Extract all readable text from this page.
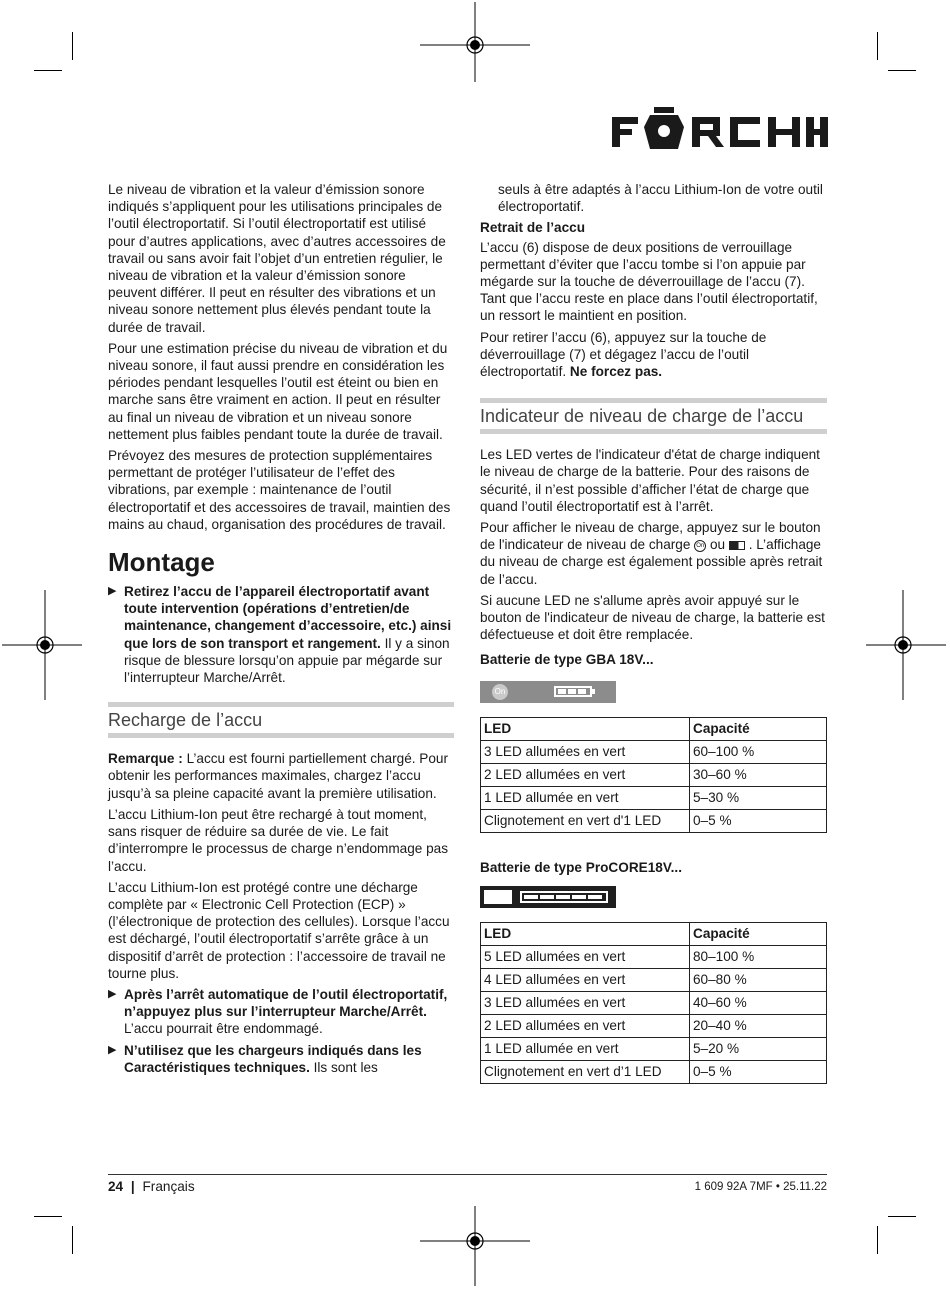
Le niveau de vibration et la valeur d’émission sonore indiqués s’appliquent pour les utilisations principales de l’outil électroportatif. Si l’outil électroportatif est utilisé pour d’autres applications, avec d’autres accessoires de travail ou sans avoir fait l’objet d’un entretien régulier, le niveau de vibration et la valeur d’émission sonore peuvent différer. Il peut en résulter des vibrations et un niveau sonore nettement plus élevés pendant toute la durée de travail.

Pour une estimation précise du niveau de vibration et du niveau sonore, il faut aussi prendre en considération les périodes pendant lesquelles l’outil est éteint ou bien en marche sans être vraiment en action. Il peut en résulter au final un niveau de vibration et un niveau sonore nettement plus faibles pendant toute la durée de travail.

Prévoyez des mesures de protection supplémentaires permettant de protéger l’utilisateur de l’effet des vibrations, par exemple : maintenance de l’outil électroportatif et des accessoires de travail, maintien des mains au chaud, organisation des procédures de travail.

Montage
▶ Retirez l’accu de l’appareil électroportatif avant toute intervention (opérations d’entretien/de maintenance, changement d’accessoire, etc.) ainsi que lors de son transport et rangement. Il y a sinon risque de blessure lorsqu’on appuie par mégarde sur l’interrupteur Marche/Arrêt.
Recharge de l’accu

Remarque : L’accu est fourni partiellement chargé. Pour obtenir les performances maximales, chargez l’accu jusqu’à sa pleine capacité avant la première utilisation.

L’accu Lithium-Ion peut être rechargé à tout moment, sans risquer de réduire sa durée de vie. Le fait d’interrompre le processus de charge n’endommage pas l’accu.

L’accu Lithium-Ion est protégé contre une décharge complète par « Electronic Cell Protection (ECP) » (l’électronique de protection des cellules). Lorsque l’accu est déchargé, l’outil électroportatif s’arrête grâce à un dispositif d’arrêt de protection : l’accessoire de travail ne tourne plus.

▶ Après l’arrêt automatique de l’outil électroportatif, n’appuyez plus sur l’interrupteur Marche/Arrêt. L’accu pourrait être endommagé.
▶ N’utilisez que les chargeurs indiqués dans les Caractéristiques techniques. Ils sont les

seuls à être adaptés à l’accu Lithium-Ion de votre outil électroportatif.

Retrait de l’accu

L’accu (6) dispose de deux positions de verrouillage permettant d’éviter que l’accu tombe si l’on appuie par mégarde sur la touche de déverrouillage de l’accu (7). Tant que l’accu reste en place dans l’outil électroportatif, un ressort le maintient en position.

Pour retirer l’accu (6), appuyez sur la touche de déverrouillage (7) et dégagez l’accu de l’outil électroportatif. Ne forcez pas.

Indicateur de niveau de charge de l’accu

Les LED vertes de l'indicateur d'état de charge indiquent le niveau de charge de la batterie. Pour des raisons de sécurité, il n’est possible d’afficher l’état de charge que quand l’outil électroportatif est à l’arrêt.

Pour afficher le niveau de charge, appuyez sur le bouton de l'indicateur de niveau de charge On ou . L’affichage du niveau de charge est également possible après retrait de l’accu.

Si aucune LED ne s'allume après avoir appuyé sur le bouton de l'indicateur de niveau de charge, la batterie est défectueuse et doit être remplacée.

Batterie de type GBA 18V...
On
LED	Capacité
3 LED allumées en vert	60–100 %
2 LED allumées en vert	30–60 %
1 LED allumée en vert	5–30 %
Clignotement en vert d'1 LED	0–5 %
Batterie de type ProCORE18V...
LED	Capacité
5 LED allumées en vert	80–100 %
4 LED allumées en vert	60–80 %
3 LED allumées en vert	40–60 %
2 LED allumées en vert	20–40 %
1 LED allumée en vert	5–20 %
Clignotement en vert d’1 LED	0–5 %
24 | Français	1 609 92A 7MF • 25.11.22
